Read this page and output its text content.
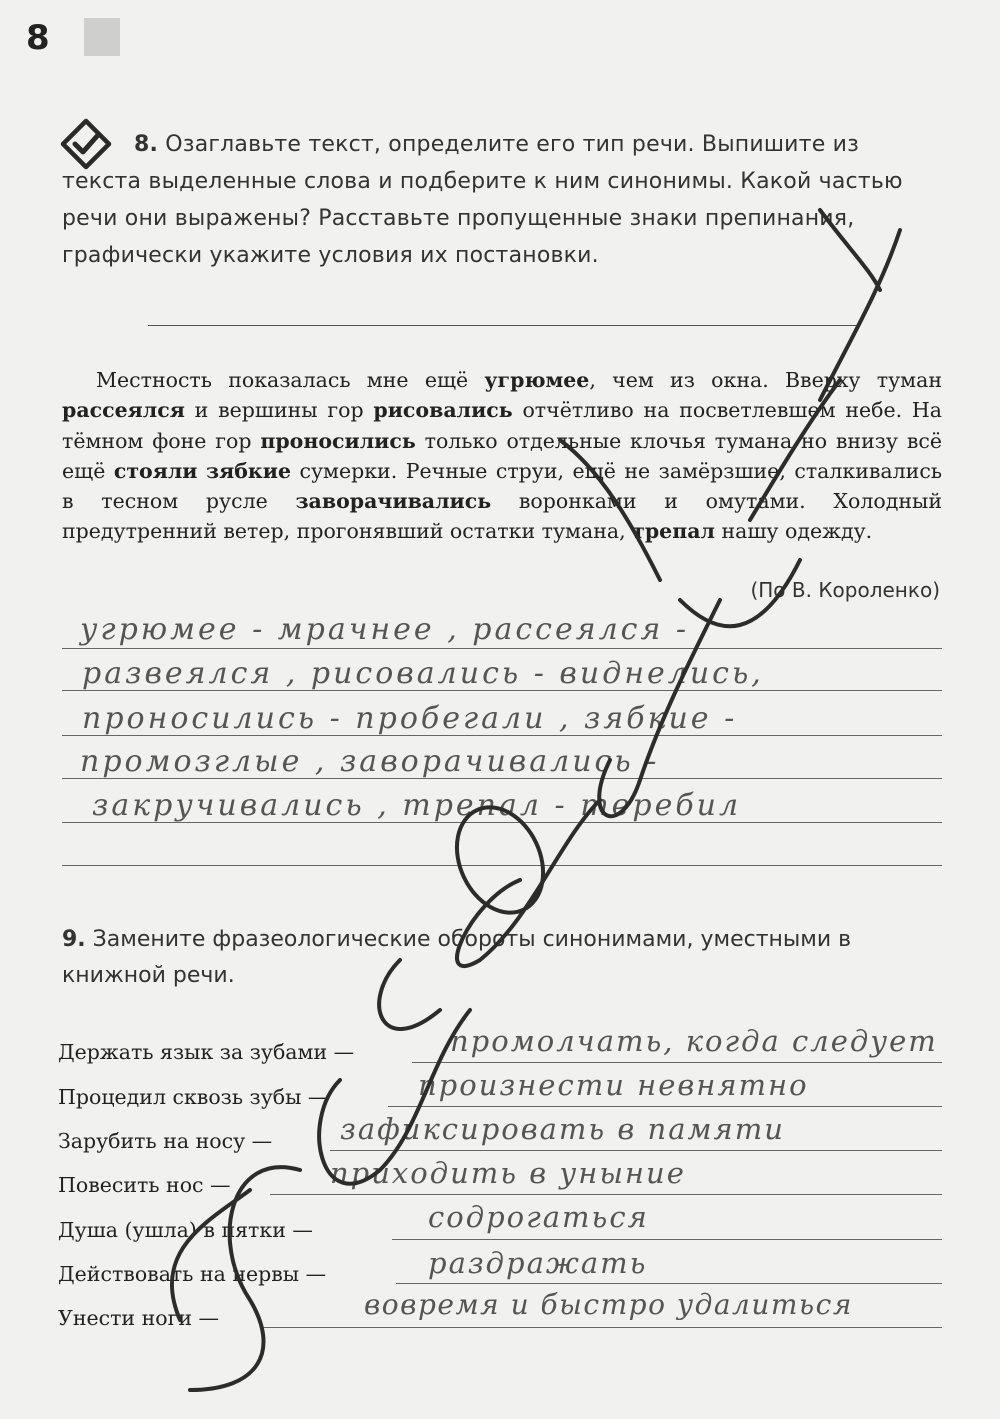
8
8. Озаглавьте текст, определите его тип речи. Выпишите из текста выделенные слова и подберите к ним синонимы. Какой частью речи они выражены? Расставьте пропущенные знаки препинания, графически укажите условия их постановки.
Местность показалась мне ещё угрюмее, чем из окна. Вверху туман рассеялся и вершины гор рисовались отчётливо на посветлевшем небе. На тёмном фоне гор проносились только отдельные клочья тумана но внизу всё ещё стояли зябкие сумерки. Речные струи, ещё не замёрзшие, сталкивались в тесном русле заворачивались воронками и омутами. Холодный предутренний ветер, прогонявший остатки тумана, трепал нашу одежду.
(По В. Короленко)
угрюмее - мрачнее , рассеялся -
развеялся , рисовались - виднелись,
проносились - пробегали , зябкие -
промозглые , заворачивались -
закручивались , трепал - теребил
9. Замените фразеологические обороты синонимами, уместными в книжной речи.
Держать язык за зубами —	промолчать, когда следует
Процедил сквозь зубы —	произнести невнятно
Зарубить на носу — зафиксировать в памяти
Повесить нос —	приходить в уныние
Душа (ушла) в пятки —	содрогаться
Действовать на нервы —	раздражать
Унести ноги —	вовремя и быстро удалиться
